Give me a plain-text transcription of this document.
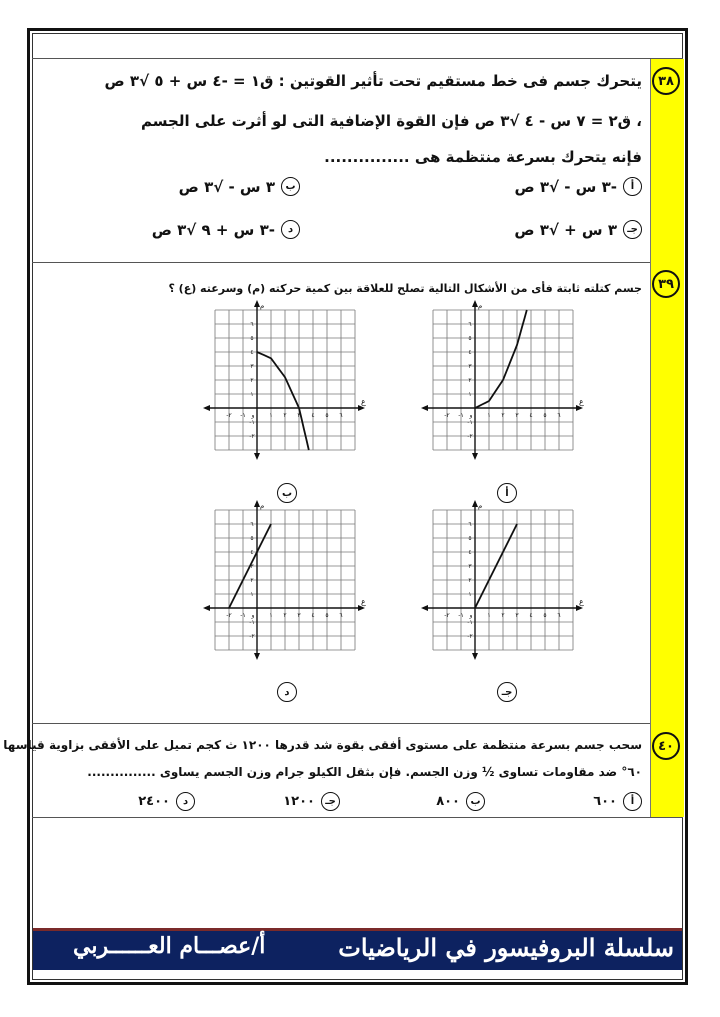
٣٨
يتحرك جسم فى خط مستقيم تحت تأثير القوتين : ق١ = -٤ س + ٥ √٣ ص
، ق٢ = ٧ س - ٤ √٣ ص فإن القوة الإضافية التى لو أثرت على الجسم
فإنه يتحرك بسرعة منتظمة هى ...............
أ
-٣ س - √٣ ص
ب
٣ س - √٣ ص
جـ
٣ س + √٣ ص
د
-٣ س + ٩ √٣ ص
٣٩
جسم كتلته ثابتة فأى من الأشكال التالية تصلح للعلاقة بين كمية حركته (م) وسرعته (ع) ؟
-٢ -١ و ١ ٢ ٣ ٤ ٥ ٦
١
٢
٣
٤
٥
٦
-١
-٢
ع
م
أ
-٢ -١ و ١ ٢ ٣ ٤ ٥ ٦
١
٢
٣
٤
٥
٦
-١
-٢
ع
م
ب
-٢ -١ و ١ ٢ ٣ ٤ ٥ ٦
١
٢
٣
٤
٥
٦
-١
-٢
ع
م
جـ
-٢ -١ و ١ ٢ ٣ ٤ ٥ ٦
١
٢
٣
٤
٥
٦
-١
-٢
ع
م
د
٤٠
سحب جسم بسرعة منتظمة على مستوى أفقى بقوة شد قدرها ١٢٠٠ ث كجم تميل على الأفقى بزاوية قياسها
٦٠° ضد مقاومات تساوى ½ وزن الجسم. فإن بثقل الكيلو جرام وزن الجسم يساوى ...............
أ
٦٠٠
ب
٨٠٠
جـ
١٢٠٠
د
٢٤٠٠
سلسلة البروفيسور في الرياضيات
أ/عصـــام العــــــربي
